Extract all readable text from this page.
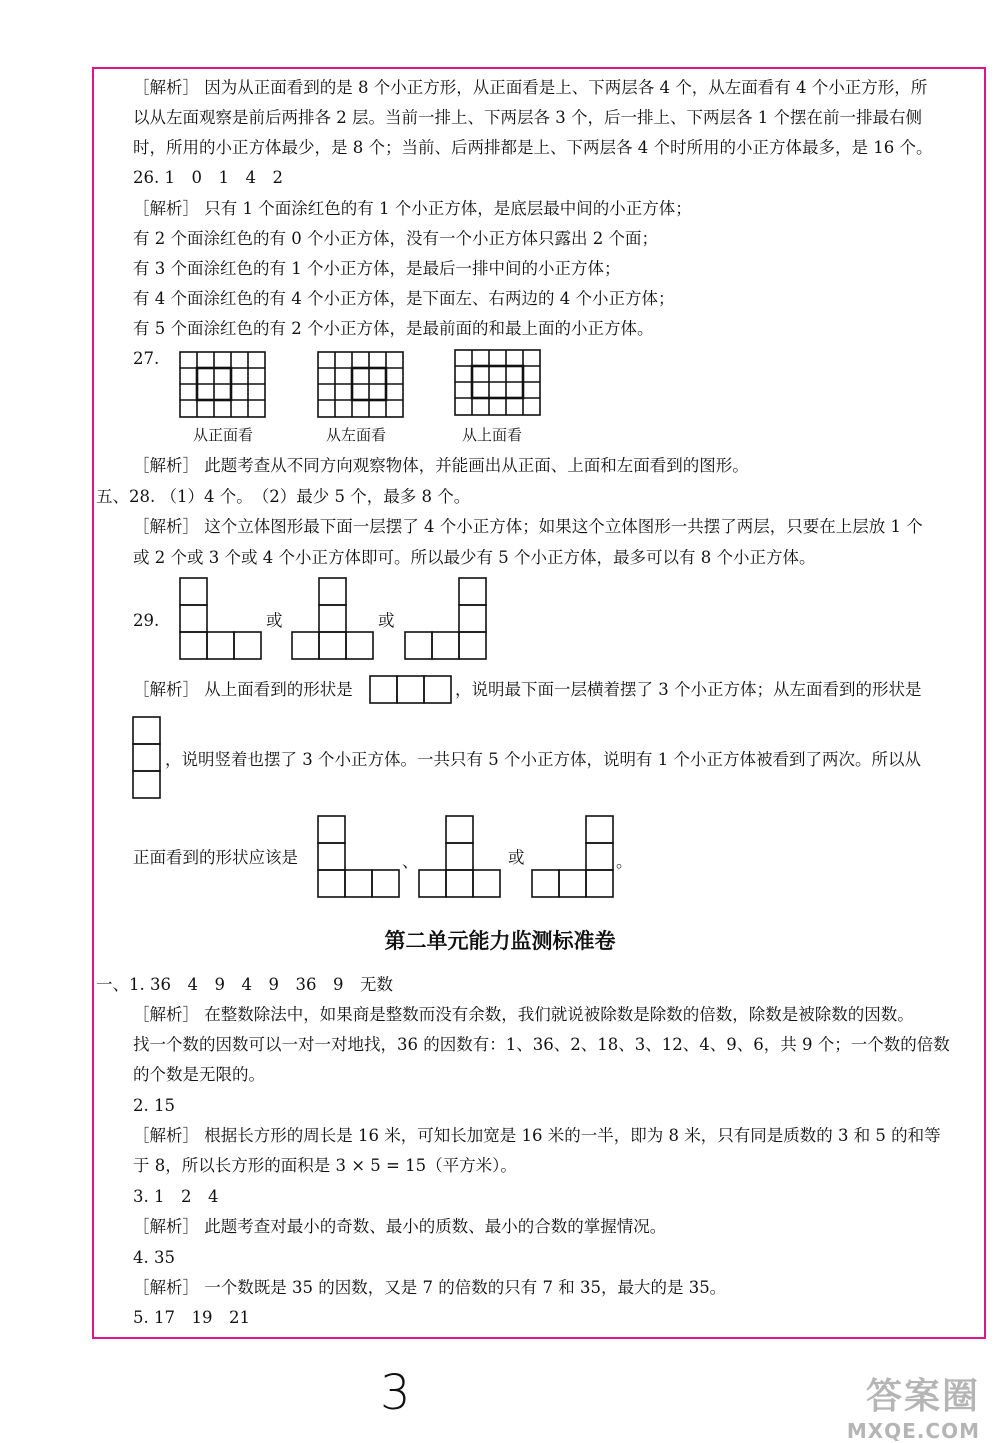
［解析］ 因为从正面看到的是 8 个小正方形，从正面看是上、下两层各 4 个，从左面看有 4 个小正方形，所
以从左面观察是前后两排各 2 层。当前一排上、下两层各 3 个，后一排上、下两层各 1 个摆在前一排最右侧
时，所用的小正方体最少，是 8 个；当前、后两排都是上、下两层各 4 个时所用的小正方体最多，是 16 个。
26. 1　0　1　4　2
［解析］ 只有 1 个面涂红色的有 1 个小正方体，是底层最中间的小正方体；
有 2 个面涂红色的有 0 个小正方体，没有一个小正方体只露出 2 个面；
有 3 个面涂红色的有 1 个小正方体，是最后一排中间的小正方体；
有 4 个面涂红色的有 4 个小正方体，是下面左、右两边的 4 个小正方体；
有 5 个面涂红色的有 2 个小正方体，是最前面的和最上面的小正方体。
27.
从正面看	从左面看	从上面看
［解析］ 此题考查从不同方向观察物体，并能画出从正面、上面和左面看到的图形。
五、28. （1）4 个。　（2）最少 5 个，最多 8 个。
［解析］ 这个立体图形最下面一层摆了 4 个小正方体；如果这个立体图形一共摆了两层，只要在上层放 1 个
或 2 个或 3 个或 4 个小正方体即可。所以最少有 5 个小正方体，最多可以有 8 个小正方体。
29.	或	或
［解析］ 从上面看到的形状是	，说明最下面一层横着摆了 3 个小正方体；从左面看到的形状是
，说明竖着也摆了 3 个小正方体。一共只有 5 个小正方体，说明有 1 个小正方体被看到了两次。所以从
正面看到的形状应该是	、	或	。
第二单元能力监测标准卷
一、1. 36　4　9　4　9　36　9　无数
［解析］ 在整数除法中，如果商是整数而没有余数，我们就说被除数是除数的倍数，除数是被除数的因数。
找一个数的因数可以一对一对地找，36 的因数有：1、36、2、18、3、12、4、9、6，共 9 个；一个数的倍数
的个数是无限的。
2. 15
［解析］ 根据长方形的周长是 16 米，可知长加宽是 16 米的一半，即为 8 米，只有同是质数的 3 和 5 的和等
于 8，所以长方形的面积是 3 × 5 = 15（平方米）。
3. 1　2　4
［解析］ 此题考查对最小的奇数、最小的质数、最小的合数的掌握情况。
4. 35
［解析］ 一个数既是 35 的因数，又是 7 的倍数的只有 7 和 35，最大的是 35。
5. 17　19　21
3	答案圈
MXQE.COM
